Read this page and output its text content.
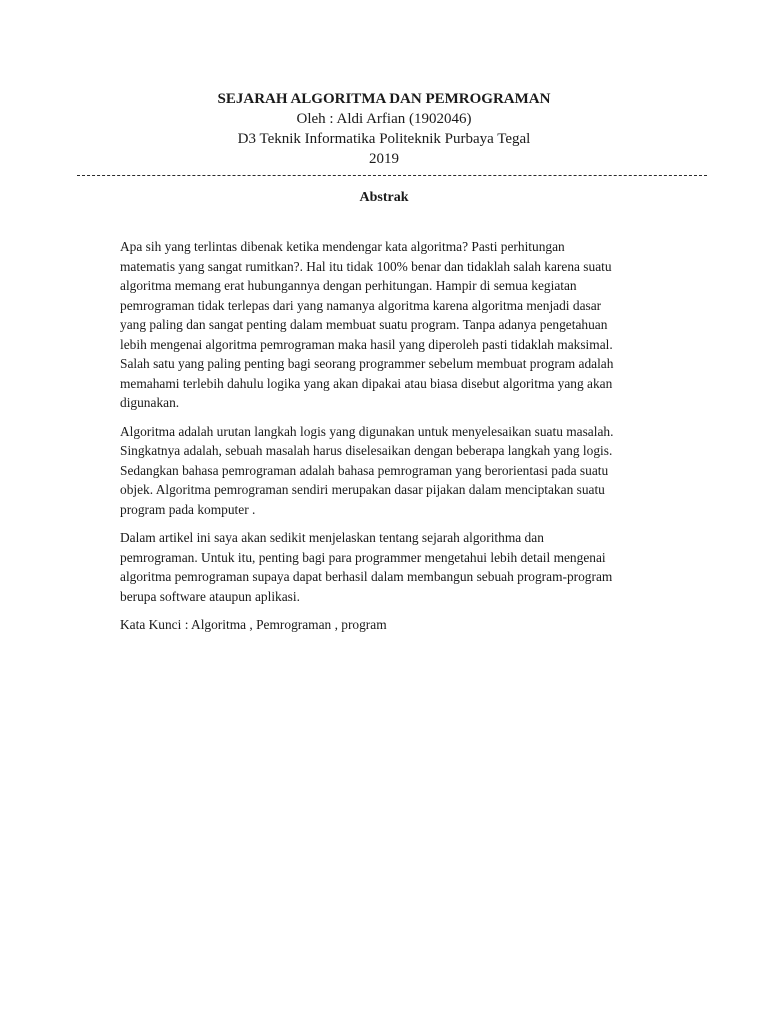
SEJARAH ALGORITMA DAN PEMROGRAMAN
Oleh : Aldi Arfian (1902046)
D3 Teknik Informatika Politeknik Purbaya Tegal
2019
Abstrak
Apa sih yang terlintas dibenak ketika mendengar kata algoritma? Pasti perhitungan
matematis yang sangat rumitkan?. Hal itu tidak 100% benar dan tidaklah salah karena suatu
algoritma memang erat hubungannya dengan perhitungan. Hampir di semua kegiatan
pemrograman tidak terlepas dari yang namanya algoritma karena algoritma menjadi dasar
yang paling dan sangat penting dalam membuat suatu program. Tanpa adanya pengetahuan
lebih mengenai algoritma pemrograman maka hasil yang diperoleh pasti tidaklah maksimal.
Salah satu yang paling penting bagi seorang programmer sebelum membuat program adalah
memahami terlebih dahulu logika yang akan dipakai atau biasa disebut algoritma yang akan
digunakan.
Algoritma adalah urutan langkah logis yang digunakan untuk menyelesaikan suatu masalah.
Singkatnya adalah, sebuah masalah harus diselesaikan dengan beberapa langkah yang logis.
Sedangkan bahasa pemrograman adalah bahasa pemrograman yang berorientasi pada suatu
objek. Algoritma pemrograman sendiri merupakan dasar pijakan dalam menciptakan suatu
program pada komputer .
Dalam artikel ini saya akan sedikit menjelaskan tentang sejarah algorithma dan
pemrograman. Untuk itu, penting bagi para programmer mengetahui lebih detail mengenai
algoritma pemrograman supaya dapat berhasil dalam membangun sebuah program-program
berupa software ataupun aplikasi.
Kata Kunci : Algoritma , Pemrograman , program
